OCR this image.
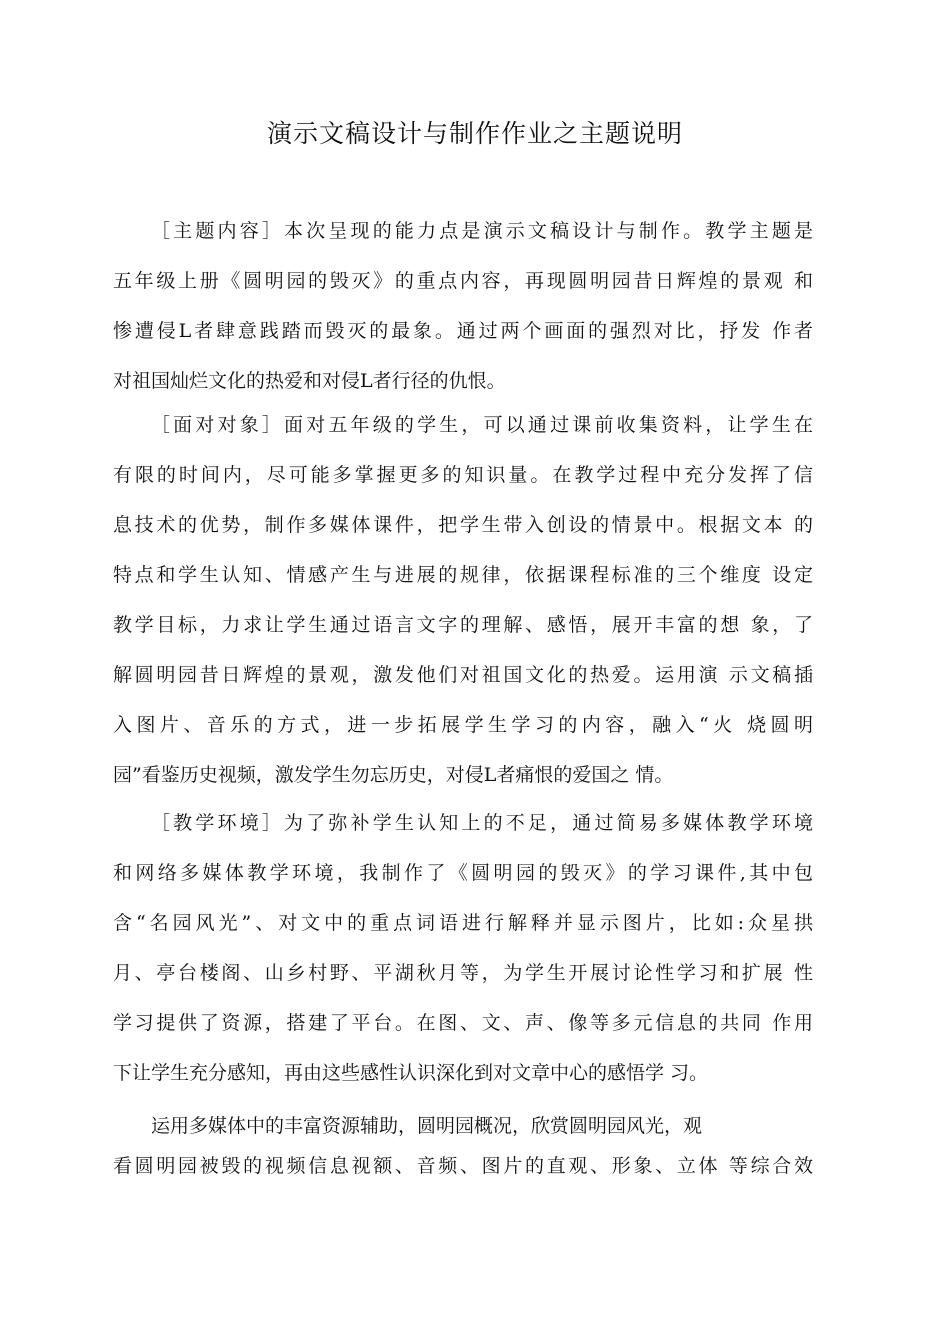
演示文稿设计与制作作业之主题说明
［主题内容］本次呈现的能力点是演示文稿设计与制作。教学主题是
五年级上册《圆明园的毁灭》的重点内容，再现圆明园昔日辉煌的景观 和
惨遭侵L者肆意践踏而毁灭的最象。通过两个画面的强烈对比，抒发 作者
对祖国灿烂文化的热爱和对侵L者行径的仇恨。
［面对对象］面对五年级的学生，可以通过课前收集资料，让学生在
有限的时间内，尽可能多掌握更多的知识量。在教学过程中充分发挥了信
息技术的优势，制作多媒体课件，把学生带入创设的情景中。根据文本 的
特点和学生认知、情感产生与进展的规律，依据课程标准的三个维度 设定
教学目标，力求让学生通过语言文字的理解、感悟，展开丰富的想 象，了
解圆明园昔日辉煌的景观，激发他们对祖国文化的热爱。运用演 示文稿插
入图片、音乐的方式，进一步拓展学生学习的内容，融入“火 烧圆明
园”看鉴历史视频，激发学生勿忘历史，对侵L者痛恨的爱国之 情。
［教学环境］为了弥补学生认知上的不足，通过简易多媒体教学环境
和网络多媒体教学环境，我制作了《圆明园的毁灭》的学习课件,其中包
含“名园风光”、对文中的重点词语进行解释并显示图片，比如:众星拱
月、亭台楼阁、山乡村野、平湖秋月等，为学生开展讨论性学习和扩展 性
学习提供了资源，搭建了平台。在图、文、声、像等多元信息的共同 作用
下让学生充分感知，再由这些感性认识深化到对文章中心的感悟学 习。
运用多媒体中的丰富资源辅助，圆明园概况，欣赏圆明园风光，观
看圆明园被毁的视频信息视额、音频、图片的直观、形象、立体 等综合效
